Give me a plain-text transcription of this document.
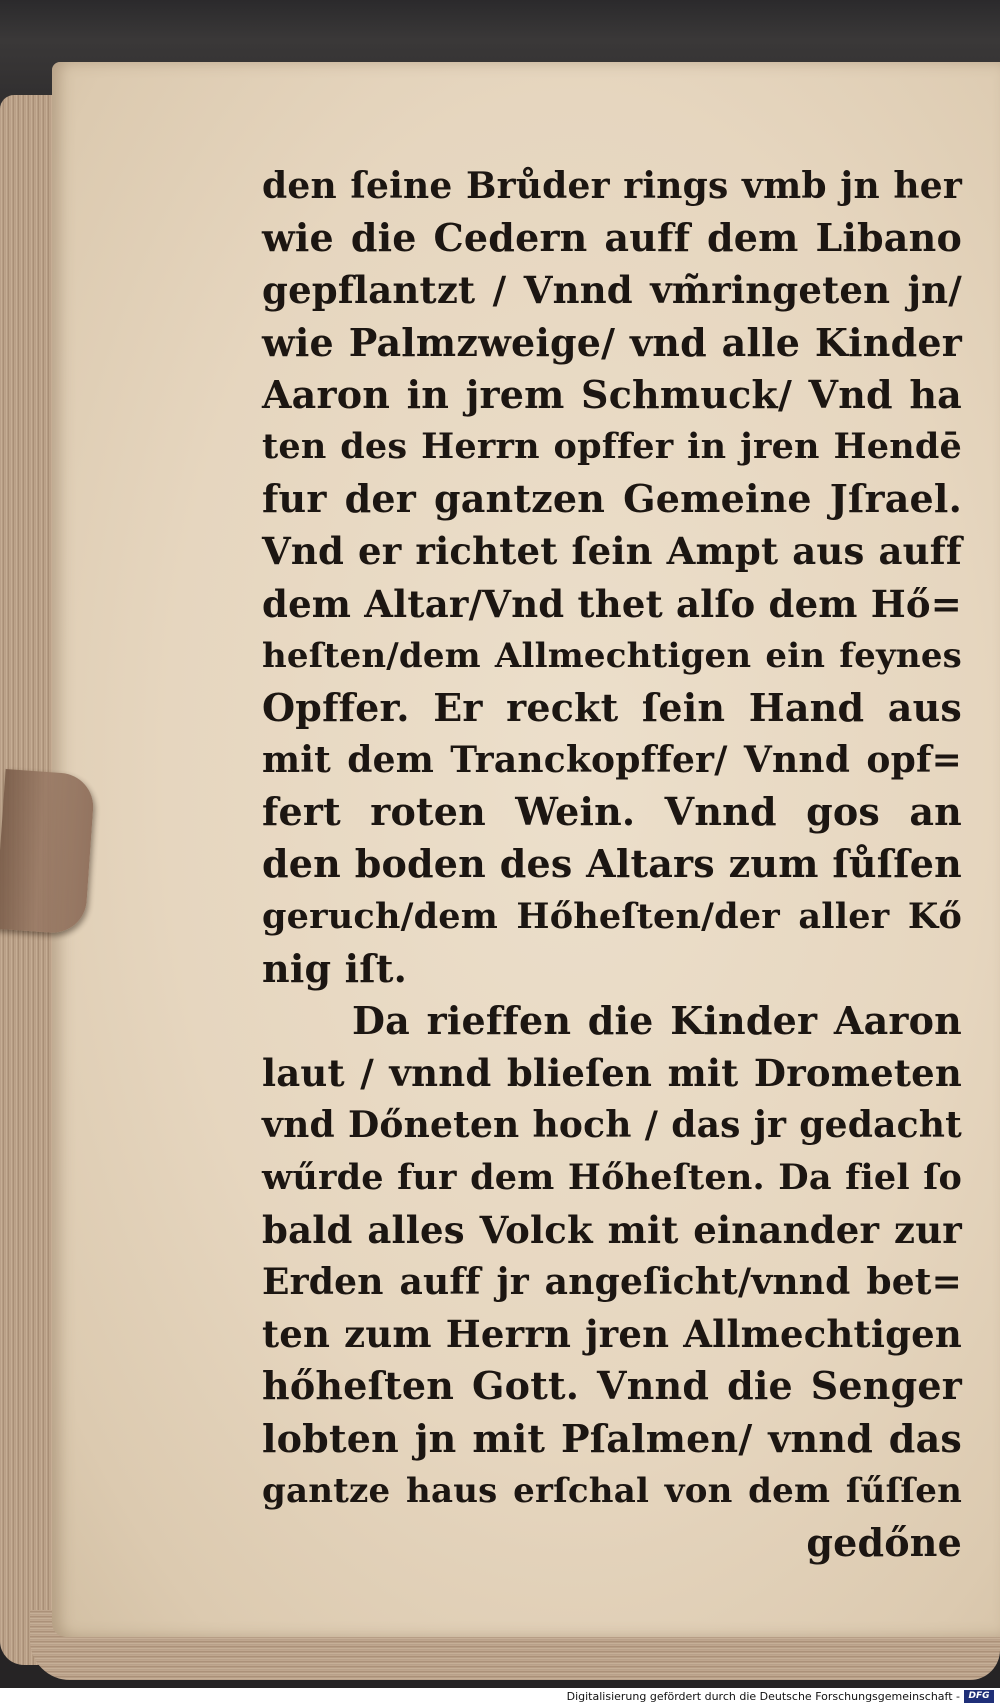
den ſeine Brůder rings vmb jn her
wie die Cedern auff dem Libano
gepflantzt / Vnnd vm̃ringeten jn/
wie Palmzweige/ vnd alle Kinder
Aaron in jrem Schmuck/ Vnd ha
ten des Herrn opffer in jren Hendē
fur der gantzen Gemeine Jſrael.
Vnd er richtet ſein Ampt aus auff
dem Altar/Vnd thet alſo dem Hő=
heſten/dem Allmechtigen ein feynes
Opffer. Er reckt ſein Hand aus
mit dem Tranckopffer/ Vnnd opf=
fert roten Wein. Vnnd gos an
den boden des Altars zum ſůſſen
geruch/dem Hőheſten/der aller Kő
nig iſt.
Da rieffen die Kinder Aaron
laut / vnnd blieſen mit Drometen
vnd Dőneten hoch / das jr gedacht
wűrde fur dem Hőheſten. Da fiel ſo
bald alles Volck mit einander zur
Erden auff jr angeſicht/vnnd bet=
ten zum Herrn jren Allmechtigen
hőheſten Gott. Vnnd die Senger
lobten jn mit Pſalmen/ vnnd das
gantze haus erſchal von dem ſűſſen
gedőne
Digitalisierung gefördert durch die Deutsche Forschungsgemeinschaft - DFG
